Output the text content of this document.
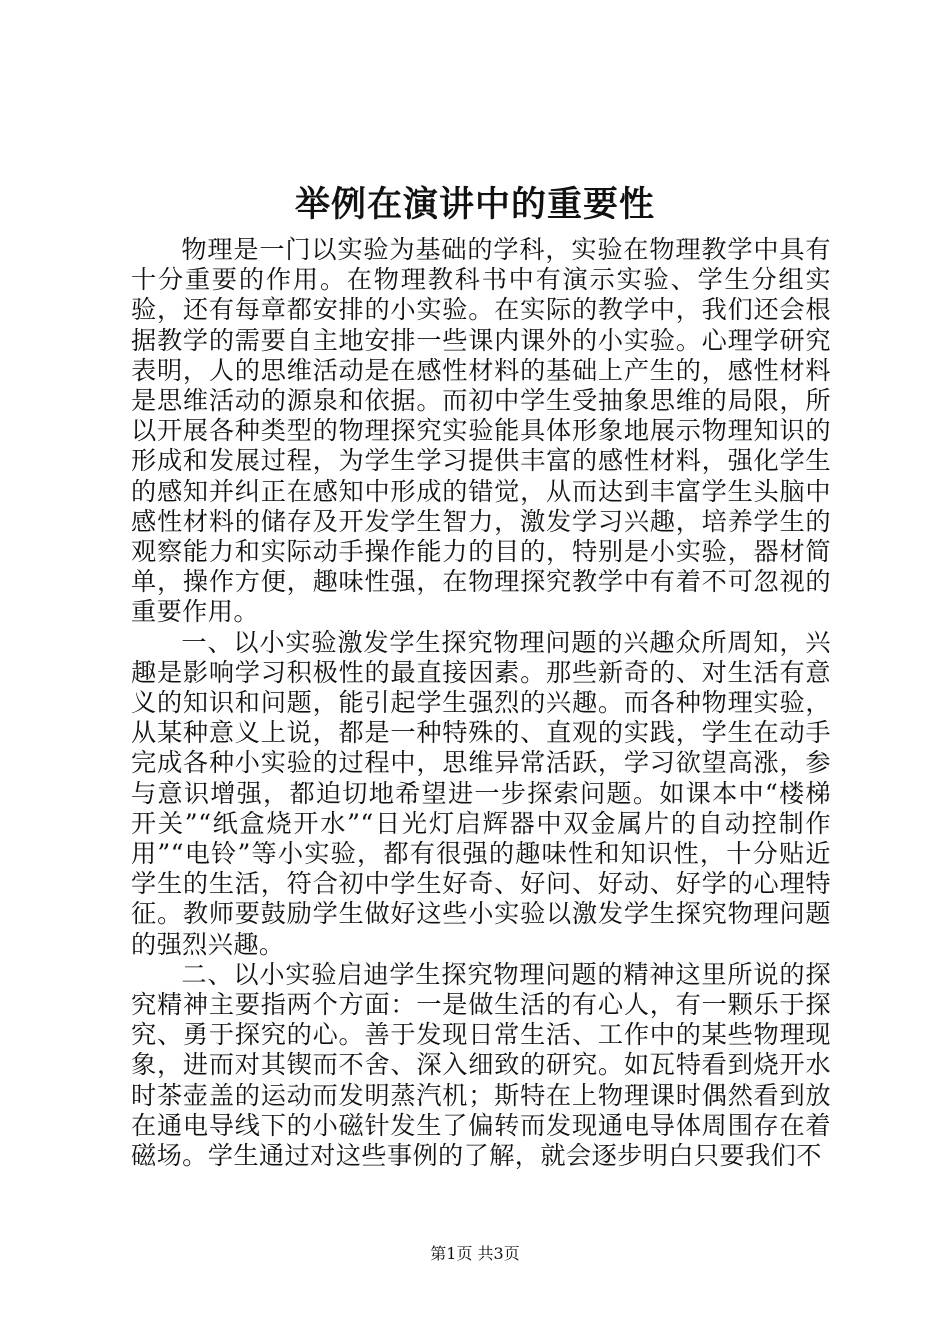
举例在演讲中的重要性

物理是一门以实验为基础的学科，实验在物理教学中具有十分重要的作用。在物理教科书中有演示实验、学生分组实验，还有每章都安排的小实验。在实际的教学中，我们还会根据教学的需要自主地安排一些课内课外的小实验。心理学研究表明，人的思维活动是在感性材料的基础上产生的，感性材料是思维活动的源泉和依据。而初中学生受抽象思维的局限，所以开展各种类型的物理探究实验能具体形象地展示物理知识的形成和发展过程，为学生学习提供丰富的感性材料，强化学生的感知并纠正在感知中形成的错觉，从而达到丰富学生头脑中感性材料的储存及开发学生智力，激发学习兴趣，培养学生的观察能力和实际动手操作能力的目的，特别是小实验，器材简单，操作方便，趣味性强，在物理探究教学中有着不可忽视的重要作用。

一、以小实验激发学生探究物理问题的兴趣众所周知，兴趣是影响学习积极性的最直接因素。那些新奇的、对生活有意义的知识和问题，能引起学生强烈的兴趣。而各种物理实验，从某种意义上说，都是一种特殊的、直观的实践，学生在动手完成各种小实验的过程中，思维异常活跃，学习欲望高涨，参与意识增强，都迫切地希望进一步探索问题。如课本中“楼梯开关”“纸盒烧开水”“日光灯启辉器中双金属片的自动控制作用”“电铃”等小实验，都有很强的趣味性和知识性，十分贴近学生的生活，符合初中学生好奇、好问、好动、好学的心理特征。教师要鼓励学生做好这些小实验以激发学生探究物理问题的强烈兴趣。

二、以小实验启迪学生探究物理问题的精神这里所说的探究精神主要指两个方面：一是做生活的有心人，有一颗乐于探究、勇于探究的心。善于发现日常生活、工作中的某些物理现象，进而对其锲而不舍、深入细致的研究。如瓦特看到烧开水时茶壶盖的运动而发明蒸汽机；斯特在上物理课时偶然看到放在通电导线下的小磁针发生了偏转而发现通电导体周围存在着磁场。学生通过对这些事例的了解，就会逐步明白只要我们不

第1页 共3页
